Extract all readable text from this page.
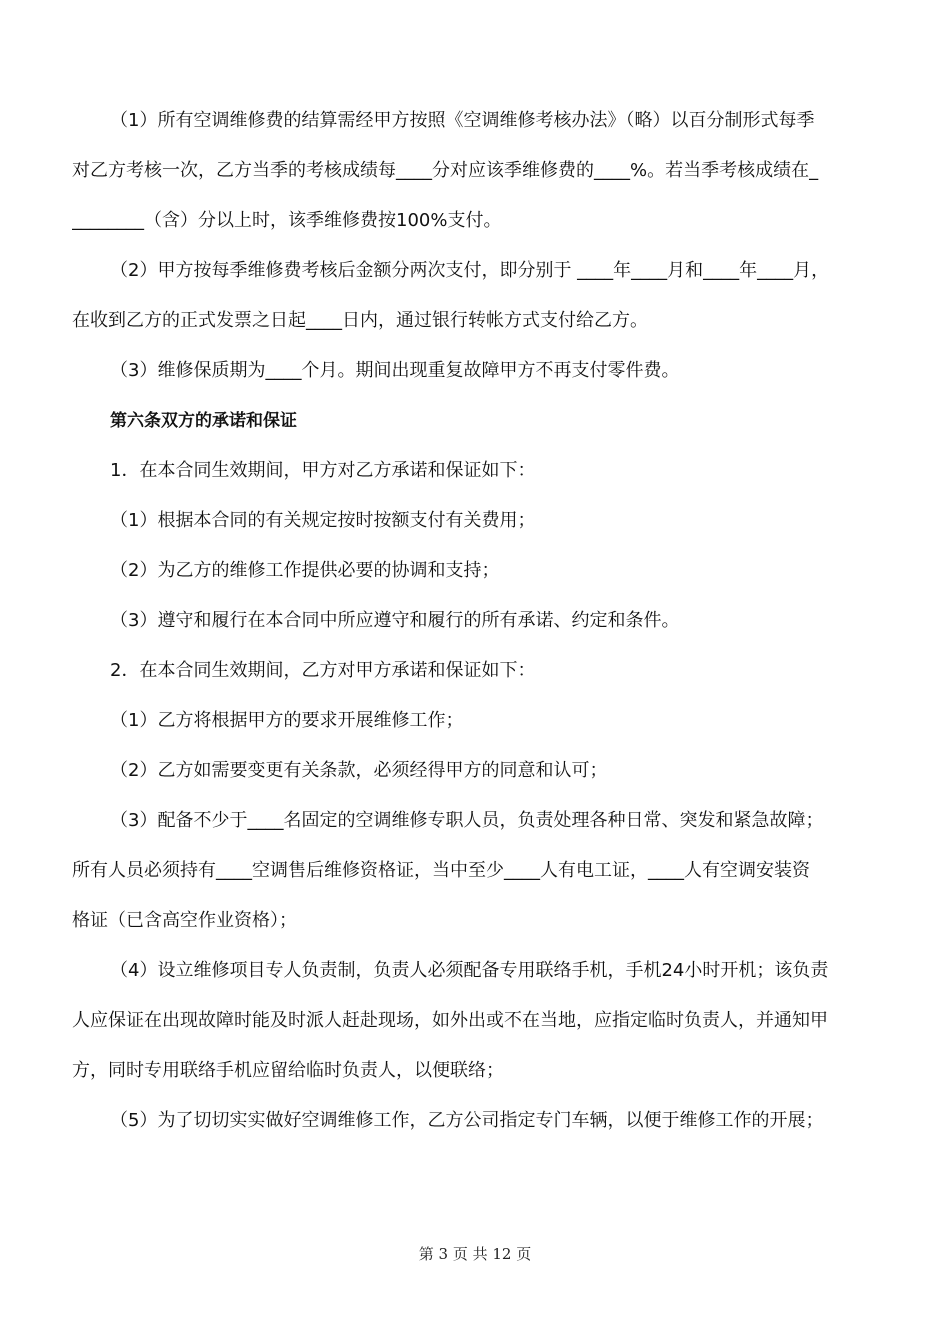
（1）所有空调维修费的结算需经甲方按照《空调维修考核办法》（略）以百分制形式每季
对乙方考核一次，乙方当季的考核成绩每____分对应该季维修费的____%。若当季考核成绩在_
________（含）分以上时，该季维修费按100%支付。
（2）甲方按每季维修费考核后金额分两次支付，即分别于 ____年____月和____年____月，
在收到乙方的正式发票之日起____日内，通过银行转帐方式支付给乙方。
（3）维修保质期为____个月。期间出现重复故障甲方不再支付零件费。
第六条双方的承诺和保证
1．在本合同生效期间，甲方对乙方承诺和保证如下：
（1）根据本合同的有关规定按时按额支付有关费用；
（2）为乙方的维修工作提供必要的协调和支持；
（3）遵守和履行在本合同中所应遵守和履行的所有承诺、约定和条件。
2．在本合同生效期间，乙方对甲方承诺和保证如下：
（1）乙方将根据甲方的要求开展维修工作；
（2）乙方如需要变更有关条款，必须经得甲方的同意和认可；
（3）配备不少于____名固定的空调维修专职人员，负责处理各种日常、突发和紧急故障；
所有人员必须持有____空调售后维修资格证，当中至少____人有电工证，____人有空调安装资
格证（已含高空作业资格）；
（4）设立维修项目专人负责制，负责人必须配备专用联络手机，手机24小时开机；该负责
人应保证在出现故障时能及时派人赶赴现场，如外出或不在当地，应指定临时负责人，并通知甲
方，同时专用联络手机应留给临时负责人，以便联络；
（5）为了切切实实做好空调维修工作，乙方公司指定专门车辆，以便于维修工作的开展；
第 3 页 共 12 页
